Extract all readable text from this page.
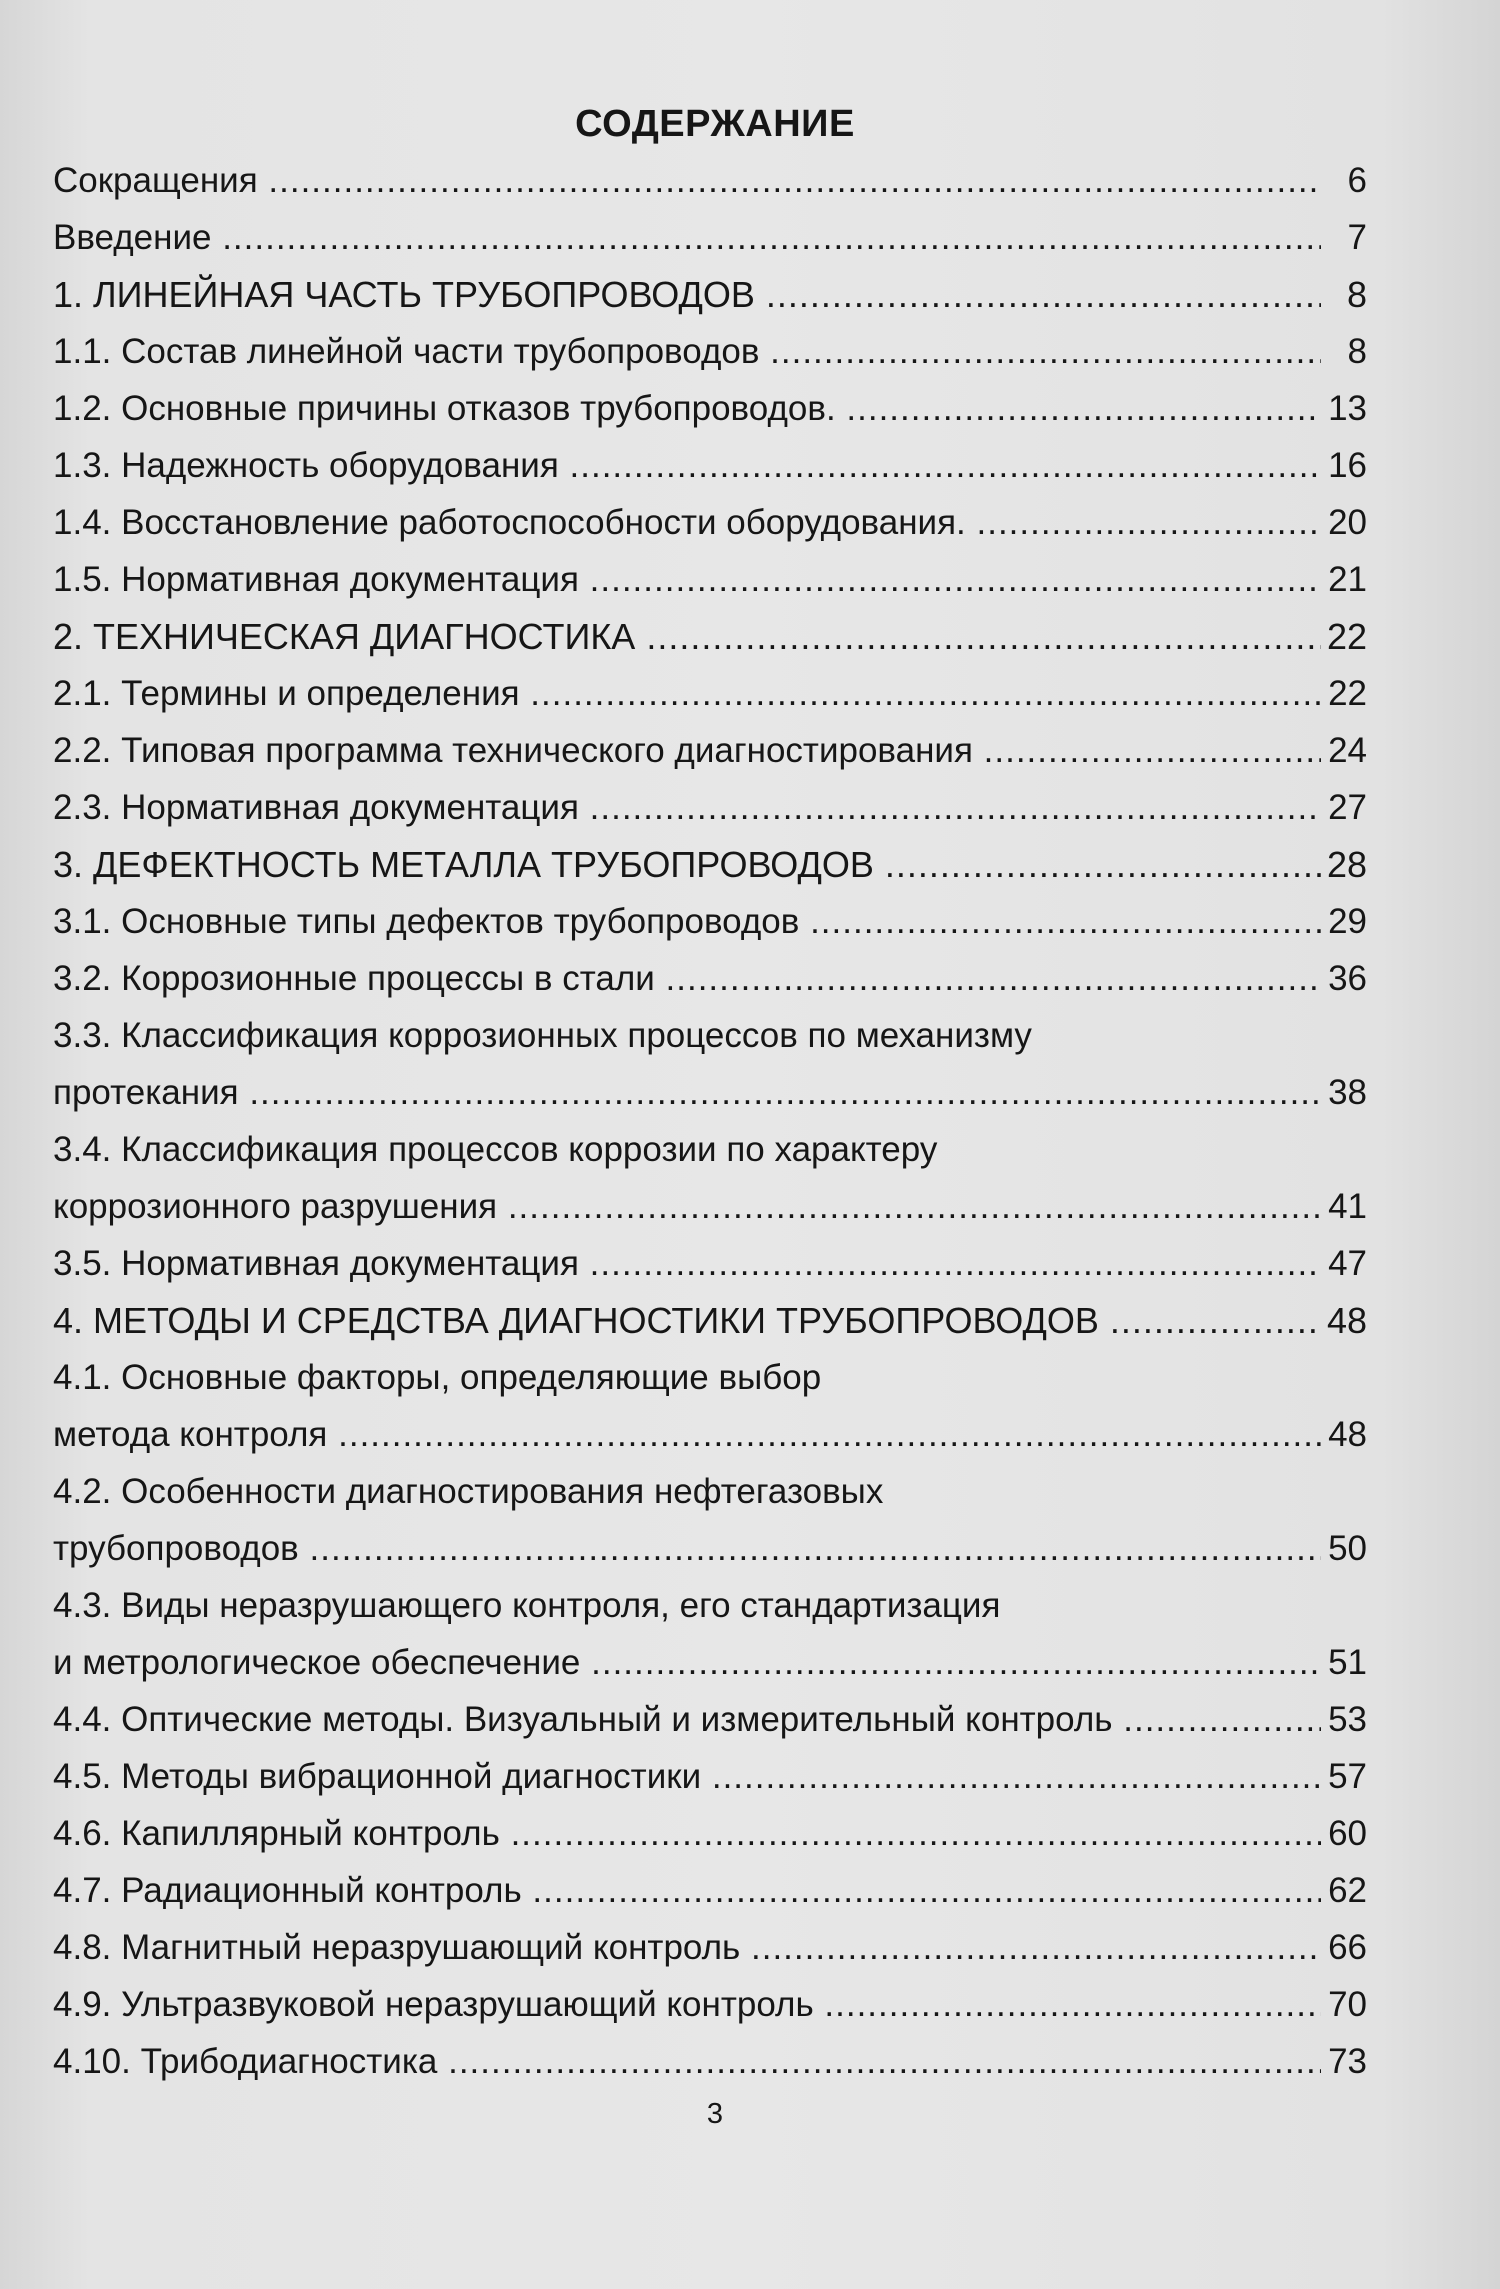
СОДЕРЖАНИЕ
Сокращения .....	6
Введение .....	7
1. ЛИНЕЙНАЯ ЧАСТЬ ТРУБОПРОВОДОВ .....	8
1.1. Состав линейной части трубопроводов .....	8
1.2. Основные причины отказов трубопроводов. .....	13
1.3. Надежность оборудования .....	16
1.4. Восстановление работоспособности оборудования. .....	20
1.5. Нормативная документация .....	21
2. ТЕХНИЧЕСКАЯ ДИАГНОСТИКА .....	22
2.1. Термины и определения .....	22
2.2. Типовая программа технического диагностирования .....	24
2.3. Нормативная документация .....	27
3. ДЕФЕКТНОСТЬ МЕТАЛЛА ТРУБОПРОВОДОВ .....	28
3.1. Основные типы дефектов трубопроводов .....	29
3.2. Коррозионные процессы в стали .....	36
3.3. Классификация коррозионных процессов по механизму
протекания .....	38
3.4. Классификация процессов коррозии по характеру
коррозионного разрушения .....	41
3.5. Нормативная документация .....	47
4. МЕТОДЫ И СРЕДСТВА ДИАГНОСТИКИ ТРУБОПРОВОДОВ .....	48
4.1. Основные факторы, определяющие выбор
метода контроля .....	48
4.2. Особенности диагностирования нефтегазовых
трубопроводов .....	50
4.3. Виды неразрушающего контроля, его стандартизация
и метрологическое обеспечение .....	51
4.4. Оптические методы. Визуальный и измерительный контроль .....	53
4.5. Методы вибрационной диагностики .....	57
4.6. Капиллярный контроль .....	60
4.7. Радиационный контроль .....	62
4.8. Магнитный неразрушающий контроль .....	66
4.9. Ультразвуковой неразрушающий контроль .....	70
4.10. Трибодиагностика .....	73
3
